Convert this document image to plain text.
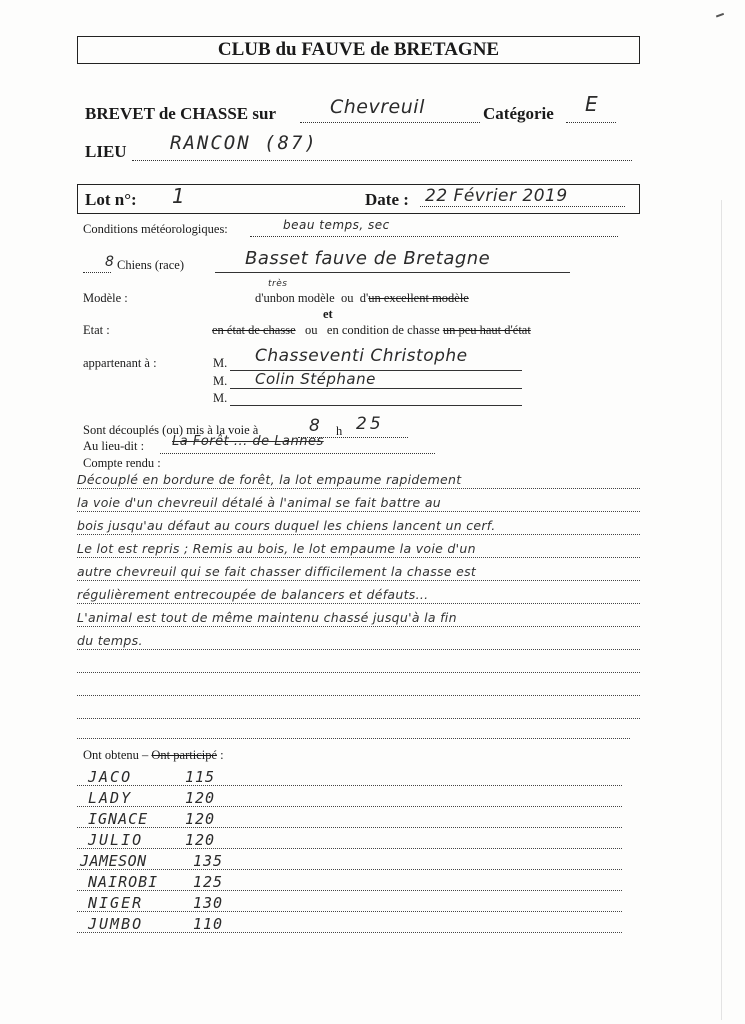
CLUB du FAUVE de BRETAGNE
BREVET de CHASSE sur	Chevreuil	Catégorie E
LIEU RANCON (87)
Lot n°: 1	Date : 22 Février 2019
Conditions météorologiques:	beau temps, sec
8 Chiens (race)	Basset fauve de Bretagne
Modèle :
très
d'unbon modèle ou d'un excellent modèle
et
Etat :	en état de chasse ou en condition de chasse un peu haut d'état
appartenant à :	M. Chasseventi Christophe
M. Colin Stéphane
M.
Sont découplés (ou) mis à la voie à	8 h 25
Au lieu-dit : La Forêt ... de Lannes
Compte rendu :
Découplé en bordure de forêt, la lot empaume rapidement
la voie d'un chevreuil détalé à l'animal se fait battre au
bois jusqu'au défaut au cours duquel les chiens lancent un cerf.
Le lot est repris ; Remis au bois, le lot empaume la voie d'un
autre chevreuil qui se fait chasser difficilement la chasse est
régulièrement entrecoupée de balancers et défauts...
L'animal est tout de même maintenu chassé jusqu'à la fin
du temps.
Ont obtenu – Ont participé :
JACO	115
LADY	120
IGNACE 120
JULIO	120
JAMESON	135
NAIROBI 125
NIGER	130
JUMBO	110
